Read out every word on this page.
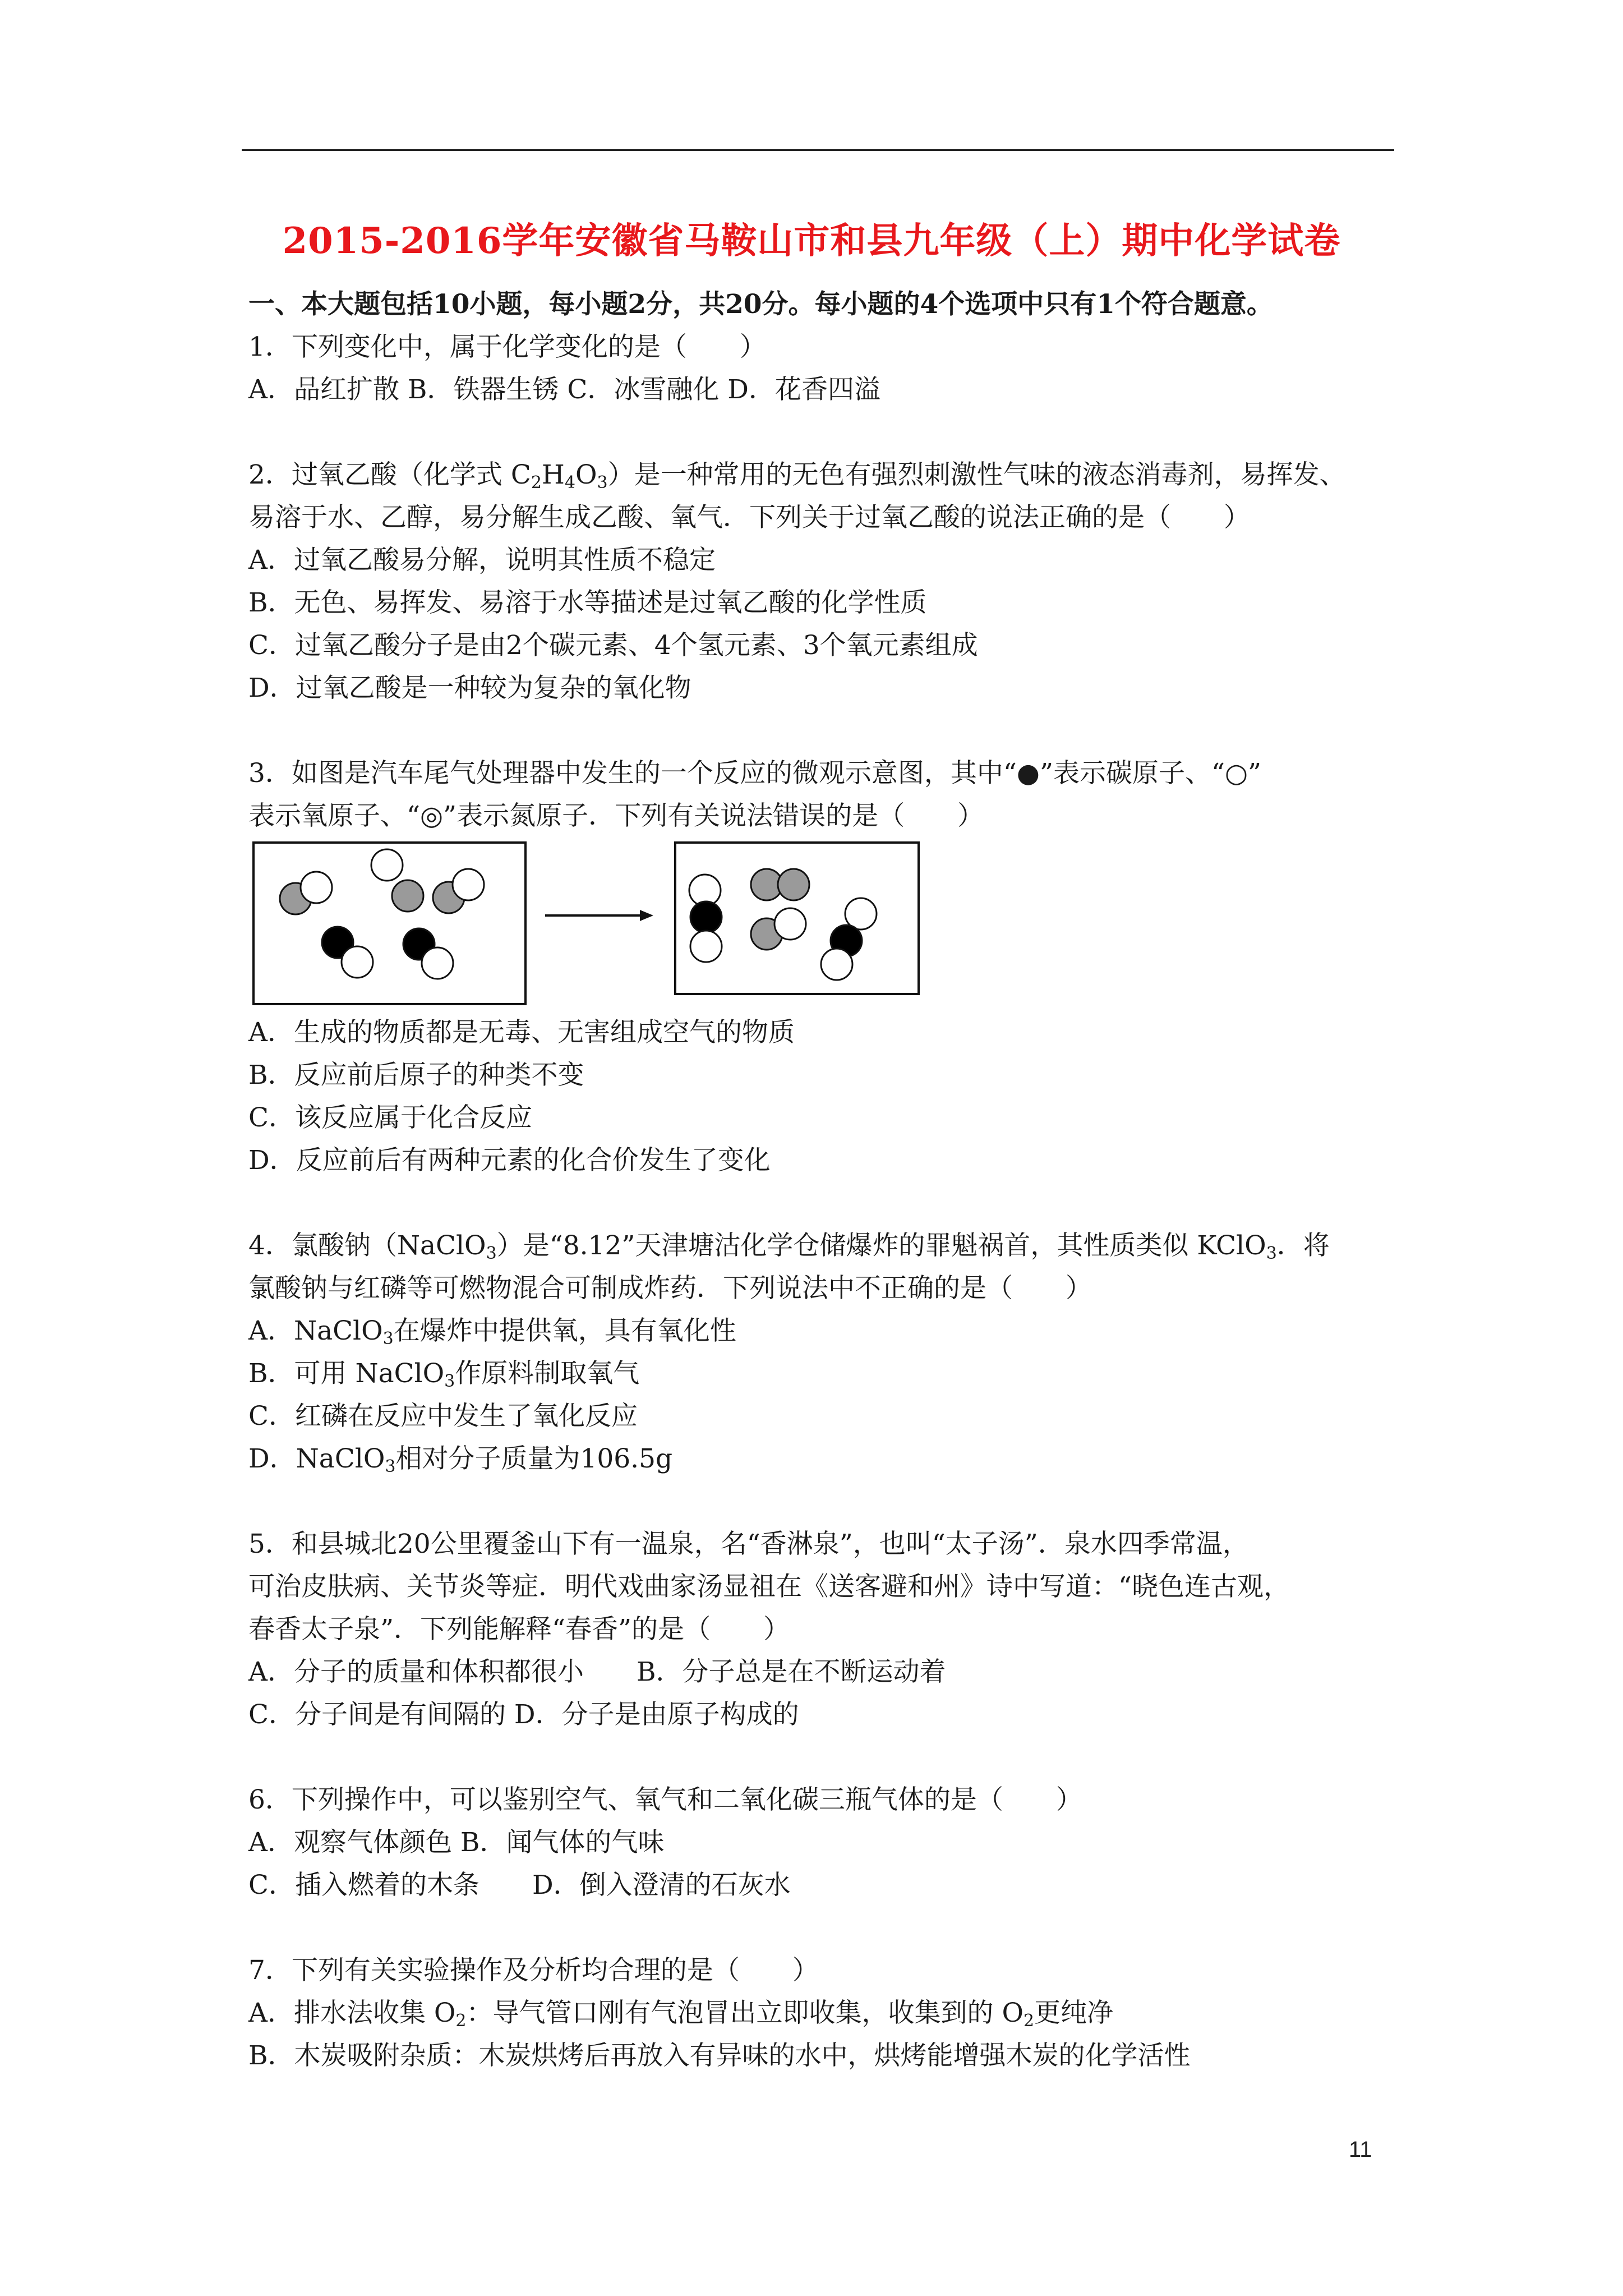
2015-2016学年安徽省马鞍山市和县九年级（上）期中化学试卷
一、本大题包括10小题，每小题2分，共20分。每小题的4个选项中只有1个符合题意。
1．下列变化中，属于化学变化的是（　　）
A．品红扩散 B．铁器生锈 C．冰雪融化 D．花香四溢
2．过氧乙酸（化学式 $C_2H_4O_3$）是一种常用的无色有强烈刺激性气味的液态消毒剂，易挥发、
易溶于水、乙醇，易分解生成乙酸、氧气．下列关于过氧乙酸的说法正确的是（　　）
A．过氧乙酸易分解，说明其性质不稳定
B．无色、易挥发、易溶于水等描述是过氧乙酸的化学性质
C．过氧乙酸分子是由2个碳元素、4个氢元素、3个氧元素组成
D．过氧乙酸是一种较为复杂的氧化物
3．如图是汽车尾气处理器中发生的一个反应的微观示意图，其中“●”表示碳原子、“○”
表示氧原子、“◎”表示氮原子．下列有关说法错误的是（　　）
A．生成的物质都是无毒、无害组成空气的物质
B．反应前后原子的种类不变
C．该反应属于化合反应
D．反应前后有两种元素的化合价发生了变化
4．氯酸钠（NaClO$_3$）是“8.12”天津塘沽化学仓储爆炸的罪魁祸首，其性质类似 KClO$_3$．将
氯酸钠与红磷等可燃物混合可制成炸药．下列说法中不正确的是（　　）
A．NaClO$_3$在爆炸中提供氧，具有氧化性
B．可用 NaClO$_3$作原料制取氧气
C．红磷在反应中发生了氧化反应
D．NaClO$_3$相对分子质量为106.5g
5．和县城北20公里覆釜山下有一温泉，名“香淋泉”，也叫“太子汤”．泉水四季常温，
可治皮肤病、关节炎等症．明代戏曲家汤显祖在《送客避和州》诗中写道：“晓色连古观，
春香太子泉”．下列能解释“春香”的是（　　）
A．分子的质量和体积都很小　　B．分子总是在不断运动着
C．分子间是有间隔的 D．分子是由原子构成的
6．下列操作中，可以鉴别空气、氧气和二氧化碳三瓶气体的是（　　）
A．观察气体颜色 B．闻气体的气味
C．插入燃着的木条　　D．倒入澄清的石灰水
7．下列有关实验操作及分析均合理的是（　　）
A．排水法收集 $O_2$：导气管口刚有气泡冒出立即收集，收集到的 $O_2$更纯净
B．木炭吸附杂质：木炭烘烤后再放入有异味的水中，烘烤能增强木炭的化学活性
11
